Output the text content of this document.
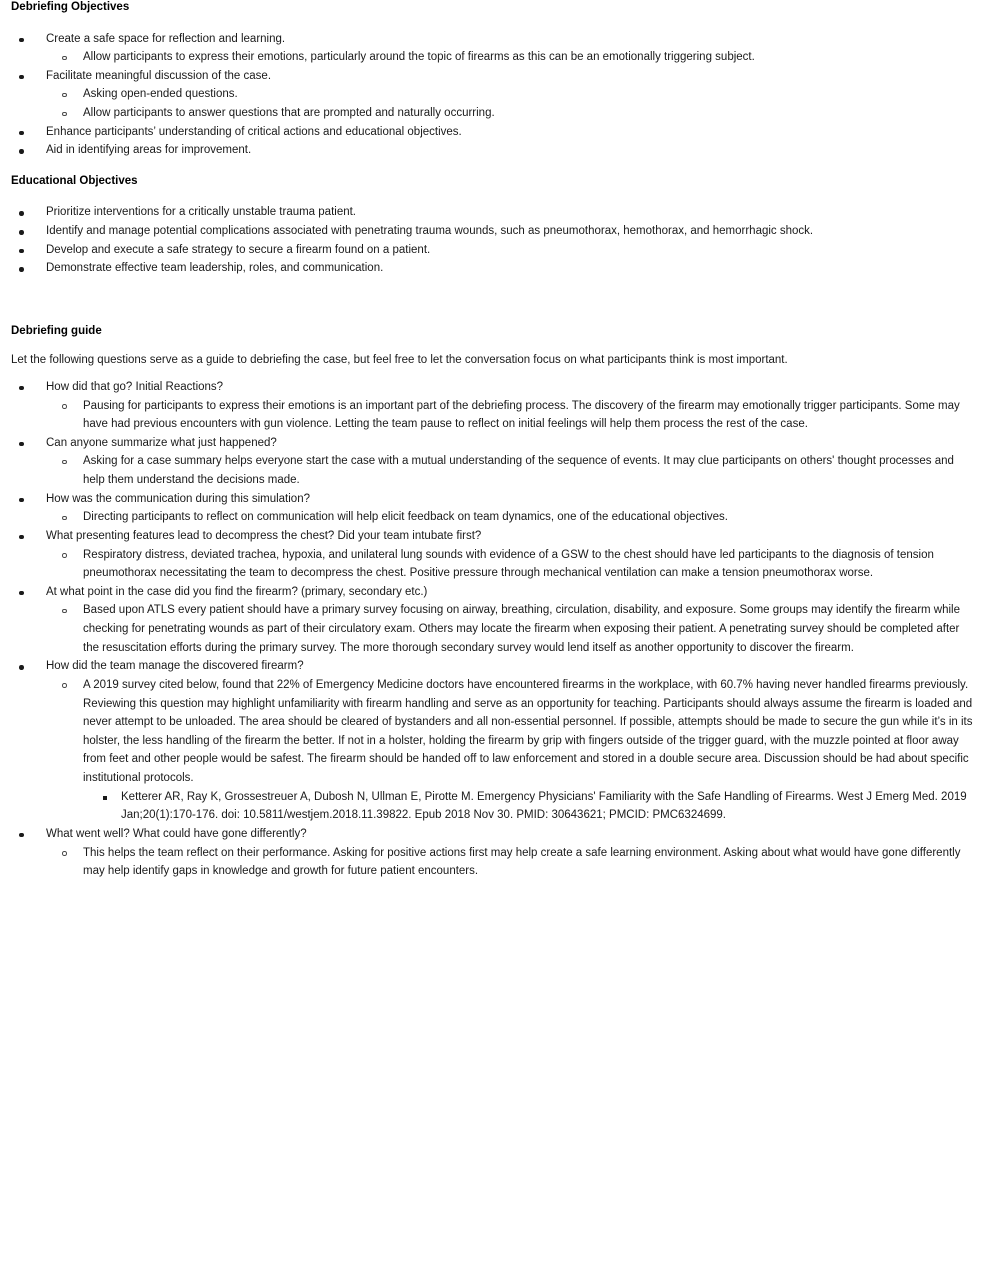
Debriefing Objectives
Create a safe space for reflection and learning.
Allow participants to express their emotions, particularly around the topic of firearms as this can be an emotionally triggering subject.
Facilitate meaningful discussion of the case.
Asking open-ended questions.
Allow participants to answer questions that are prompted and naturally occurring.
Enhance participants’ understanding of critical actions and educational objectives.
Aid in identifying areas for improvement.
Educational Objectives
Prioritize interventions for a critically unstable trauma patient.
Identify and manage potential complications associated with penetrating trauma wounds, such as pneumothorax, hemothorax, and hemorrhagic shock.
Develop and execute a safe strategy to secure a firearm found on a patient.
Demonstrate effective team leadership, roles, and communication.
Debriefing guide

Let the following questions serve as a guide to debriefing the case, but feel free to let the conversation focus on what participants think is most important.

How did that go? Initial Reactions?
Pausing for participants to express their emotions is an important part of the debriefing process. The discovery of the firearm may emotionally trigger participants. Some may have had previous encounters with gun violence. Letting the team pause to reflect on initial feelings will help them process the rest of the case.
Can anyone summarize what just happened?
Asking for a case summary helps everyone start the case with a mutual understanding of the sequence of events. It may clue participants on others' thought processes and help them understand the decisions made.
How was the communication during this simulation?
Directing participants to reflect on communication will help elicit feedback on team dynamics, one of the educational objectives.
What presenting features lead to decompress the chest? Did your team intubate first?
Respiratory distress, deviated trachea, hypoxia, and unilateral lung sounds with evidence of a GSW to the chest should have led participants to the diagnosis of tension pneumothorax necessitating the team to decompress the chest. Positive pressure through mechanical ventilation can make a tension pneumothorax worse.
At what point in the case did you find the firearm? (primary, secondary etc.)
Based upon ATLS every patient should have a primary survey focusing on airway, breathing, circulation, disability, and exposure. Some groups may identify the firearm while checking for penetrating wounds as part of their circulatory exam. Others may locate the firearm when exposing their patient. A penetrating survey should be completed after the resuscitation efforts during the primary survey. The more thorough secondary survey would lend itself as another opportunity to discover the firearm.
How did the team manage the discovered firearm?
A 2019 survey cited below, found that 22% of Emergency Medicine doctors have encountered firearms in the workplace, with 60.7% having never handled firearms previously. Reviewing this question may highlight unfamiliarity with firearm handling and serve as an opportunity for teaching. Participants should always assume the firearm is loaded and never attempt to be unloaded. The area should be cleared of bystanders and all non-essential personnel. If possible, attempts should be made to secure the gun while it’s in its holster, the less handling of the firearm the better. If not in a holster, holding the firearm by grip with fingers outside of the trigger guard, with the muzzle pointed at floor away from feet and other people would be safest. The firearm should be handed off to law enforcement and stored in a double secure area. Discussion should be had about specific institutional protocols.
Ketterer AR, Ray K, Grossestreuer A, Dubosh N, Ullman E, Pirotte M. Emergency Physicians' Familiarity with the Safe Handling of Firearms. West J Emerg Med. 2019 Jan;20(1):170-176. doi: 10.5811/westjem.2018.11.39822. Epub 2018 Nov 30. PMID: 30643621; PMCID: PMC6324699.
What went well? What could have gone differently?
This helps the team reflect on their performance. Asking for positive actions first may help create a safe learning environment. Asking about what would have gone differently may help identify gaps in knowledge and growth for future patient encounters.
